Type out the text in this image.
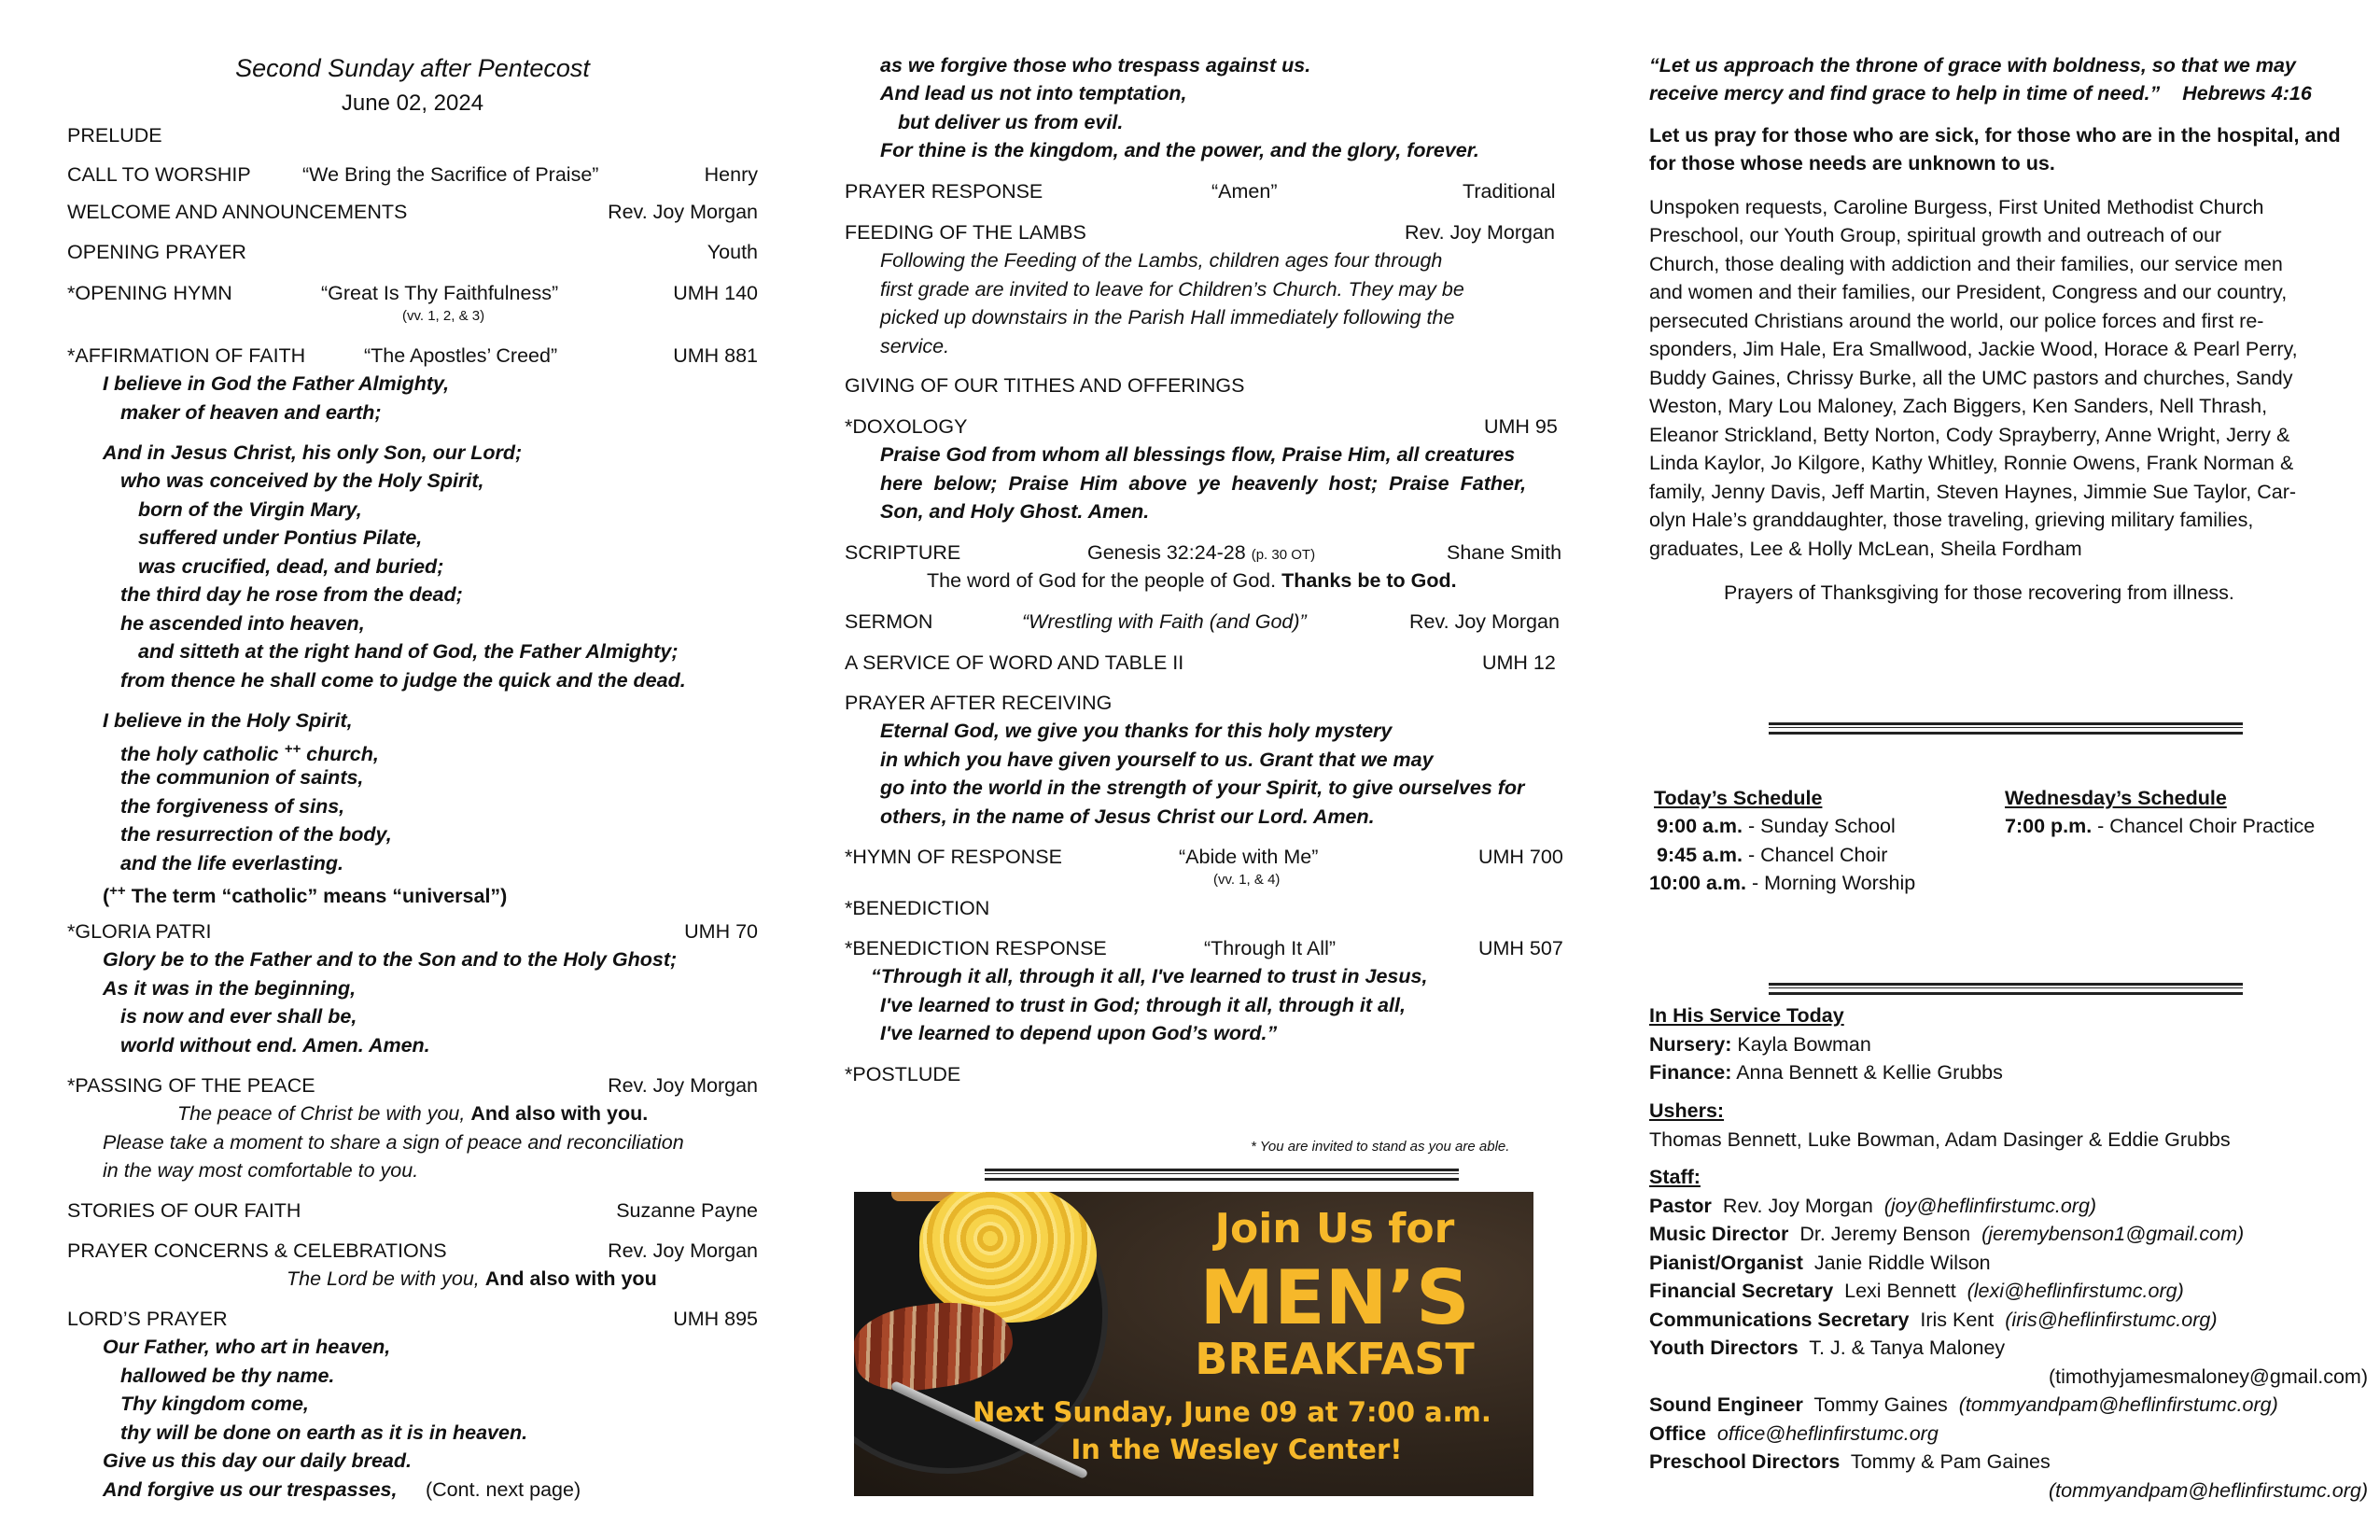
Second Sunday after Pentecost
June 02, 2024
PRELUDE
CALL TO WORSHIP	“We Bring the Sacrifice of Praise”	Henry
WELCOME AND ANNOUNCEMENTS	Rev. Joy Morgan
OPENING PRAYER	Youth
*OPENING HYMN	“Great Is Thy Faithfulness”	UMH 140
(vv. 1, 2, & 3)
*AFFIRMATION OF FAITH	“The Apostles’ Creed”	UMH 881
I believe in God the Father Almighty,
maker of heaven and earth;
And in Jesus Christ, his only Son, our Lord;
who was conceived by the Holy Spirit,
born of the Virgin Mary,
suffered under Pontius Pilate,
was crucified, dead, and buried;
the third day he rose from the dead;
he ascended into heaven,
and sitteth at the right hand of God, the Father Almighty;
from thence he shall come to judge the quick and the dead.
I believe in the Holy Spirit,
the holy catholic ++ church,
the communion of saints,
the forgiveness of sins,
the resurrection of the body,
and the life everlasting.
(++ The term “catholic” means “universal”)
*GLORIA PATRI	UMH 70
Glory be to the Father and to the Son and to the Holy Ghost;
As it was in the beginning,
is now and ever shall be,
world without end. Amen. Amen.
*PASSING OF THE PEACE	Rev. Joy Morgan
The peace of Christ be with you, And also with you.
Please take a moment to share a sign of peace and reconciliation
in the way most comfortable to you.
STORIES OF OUR FAITH	Suzanne Payne
PRAYER CONCERNS & CELEBRATIONS	Rev. Joy Morgan
The Lord be with you, And also with you
LORD’S PRAYER	UMH 895
Our Father, who art in heaven,
hallowed be thy name.
Thy kingdom come,
thy will be done on earth as it is in heaven.
Give us this day our daily bread.
And forgive us our trespasses, (Cont. next page)
as we forgive those who trespass against us.
And lead us not into temptation,
but deliver us from evil.
For thine is the kingdom, and the power, and the glory, forever.
PRAYER RESPONSE	“Amen”	Traditional
FEEDING OF THE LAMBS	Rev. Joy Morgan
Following the Feeding of the Lambs, children ages four through
first grade are invited to leave for Children’s Church. They may be
picked up downstairs in the Parish Hall immediately following the
service.
GIVING OF OUR TITHES AND OFFERINGS
*DOXOLOGY	UMH 95
Praise God from whom all blessings flow, Praise Him, all creatures
here below; Praise Him above ye heavenly host; Praise Father,
Son, and Holy Ghost. Amen.
SCRIPTURE	Genesis 32:24-28 (p. 30 OT)	Shane Smith
The word of God for the people of God. Thanks be to God.
SERMON	“Wrestling with Faith (and God)”	Rev. Joy Morgan
A SERVICE OF WORD AND TABLE II	UMH 12
PRAYER AFTER RECEIVING
Eternal God, we give you thanks for this holy mystery
in which you have given yourself to us. Grant that we may
go into the world in the strength of your Spirit, to give ourselves for
others, in the name of Jesus Christ our Lord. Amen.
*HYMN OF RESPONSE	“Abide with Me”	UMH 700
(vv. 1, & 4)
*BENEDICTION
*BENEDICTION RESPONSE	“Through It All”	UMH 507
“Through it all, through it all, I've learned to trust in Jesus,
I've learned to trust in God; through it all, through it all,
I've learned to depend upon God’s word.”
*POSTLUDE
* You are invited to stand as you are able.
Join Us for
MEN’S
BREAKFAST
Next Sunday, June 09 at 7:00 a.m.
In the Wesley Center!
“Let us approach the throne of grace with boldness, so that we may
receive mercy and find grace to help in time of need.” Hebrews 4:16
Let us pray for those who are sick, for those who are in the hospital, and
for those whose needs are unknown to us.
Unspoken requests, Caroline Burgess, First United Methodist Church
Preschool, our Youth Group, spiritual growth and outreach of our
Church, those dealing with addiction and their families, our service men
and women and their families, our President, Congress and our country,
persecuted Christians around the world, our police forces and first re-
sponders, Jim Hale, Era Smallwood, Jackie Wood, Horace & Pearl Perry,
Buddy Gaines, Chrissy Burke, all the UMC pastors and churches, Sandy
Weston, Mary Lou Maloney, Zach Biggers, Ken Sanders, Nell Thrash,
Eleanor Strickland, Betty Norton, Cody Sprayberry, Anne Wright, Jerry &
Linda Kaylor, Jo Kilgore, Kathy Whitley, Ronnie Owens, Frank Norman &
family, Jenny Davis, Jeff Martin, Steven Haynes, Jimmie Sue Taylor, Car-
olyn Hale’s granddaughter, those traveling, grieving military families,
graduates, Lee & Holly McLean, Sheila Fordham
Prayers of Thanksgiving for those recovering from illness.
Today’s Schedule
9:00 a.m. - Sunday School
9:45 a.m. - Chancel Choir
10:00 a.m. - Morning Worship
Wednesday’s Schedule
7:00 p.m. - Chancel Choir Practice
In His Service Today
Nursery: Kayla Bowman
Finance: Anna Bennett & Kellie Grubbs
Ushers:
Thomas Bennett, Luke Bowman, Adam Dasinger & Eddie Grubbs
Staff:
Pastor Rev. Joy Morgan (joy@heflinfirstumc.org)
Music Director Dr. Jeremy Benson (jeremybenson1@gmail.com)
Pianist/Organist Janie Riddle Wilson
Financial Secretary Lexi Bennett (lexi@heflinfirstumc.org)
Communications Secretary Iris Kent (iris@heflinfirstumc.org)
Youth Directors T. J. & Tanya Maloney
(timothyjamesmaloney@gmail.com)
Sound Engineer Tommy Gaines (tommyandpam@heflinfirstumc.org)
Office office@heflinfirstumc.org
Preschool Directors Tommy & Pam Gaines
(tommyandpam@heflinfirstumc.org)
